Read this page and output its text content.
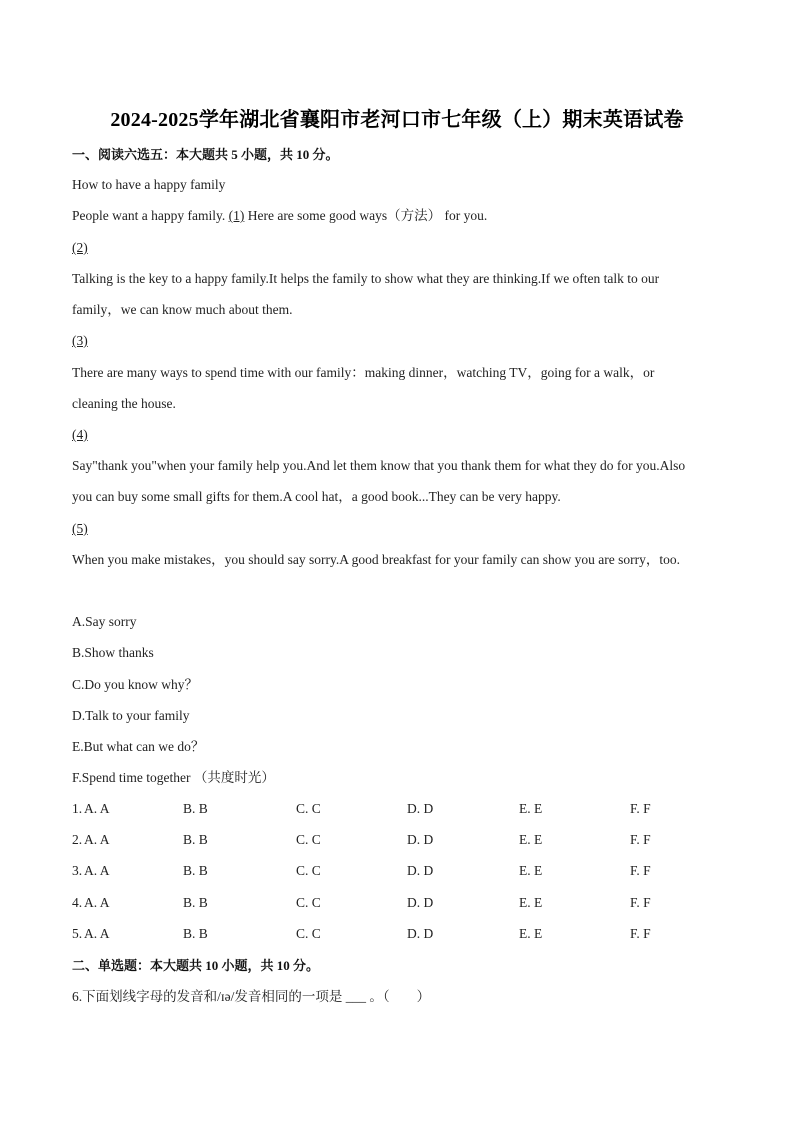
2024-2025学年湖北省襄阳市老河口市七年级（上）期末英语试卷
一、阅读六选五：本大题共 5 小题，共 10 分。
How to have a happy family
People want a happy family. (1) Here are some good ways（方法） for you.
(2)
Talking is the key to a happy family.It helps the family to show what they are thinking.If we often talk to our
family，we can know much about them.
(3)
There are many ways to spend time with our family：making dinner，watching TV，going for a walk，or
cleaning the house.
(4)
Say"thank you"when your family help you.And let them know that you thank them for what they do for you.Also
you can buy some small gifts for them.A cool hat，a good book...They can be very happy.
(5)
When you make mistakes，you should say sorry.A good breakfast for your family can show you are sorry，too.
A.Say sorry
B.Show thanks
C.Do you know why？
D.Talk to your family
E.But what can we do？
F.Spend time together （共度时光）
1. A. A	B. B	C. C	D. D	E. E	F. F
2. A. A	B. B	C. C	D. D	E. E	F. F
3. A. A	B. B	C. C	D. D	E. E	F. F
4. A. A	B. B	C. C	D. D	E. E	F. F
5. A. A	B. B	C. C	D. D	E. E	F. F
二、单选题：本大题共 10 小题，共 10 分。
6.下面划线字母的发音和/ɪə/发音相同的一项是 ___ 。（　　）
